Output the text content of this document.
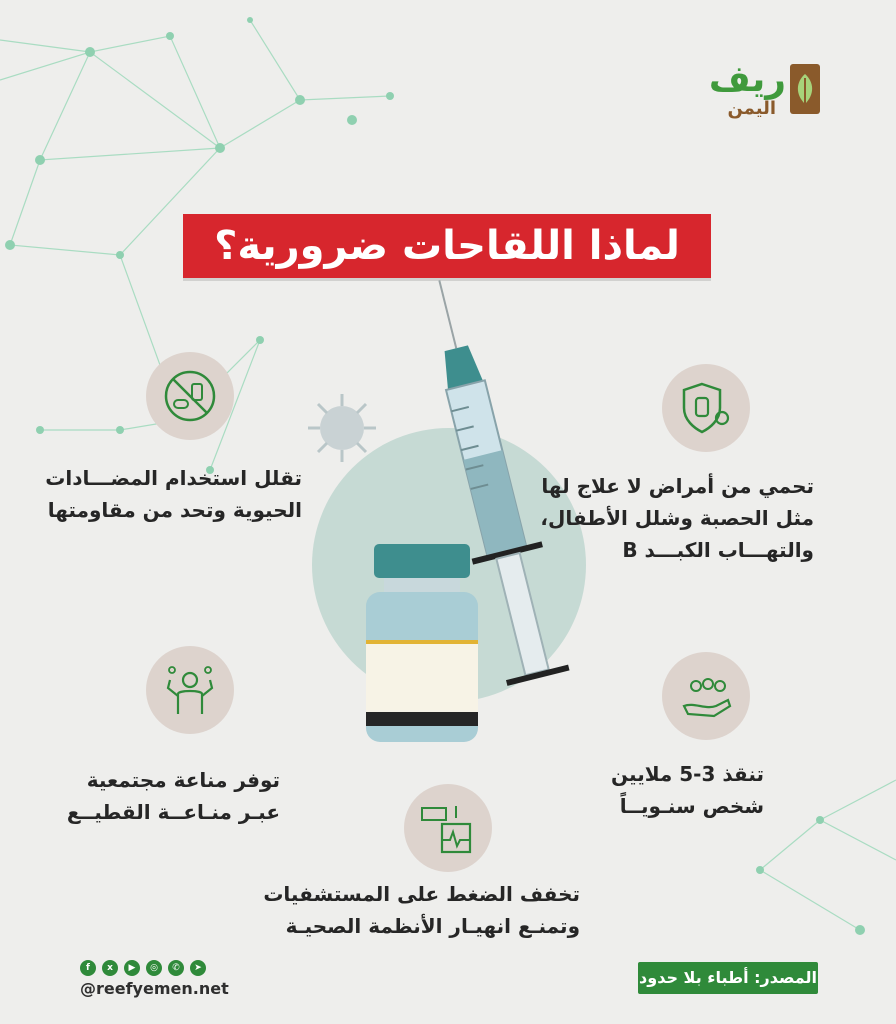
ريف
اليمن
لماذا اللقاحات ضرورية؟
تحمي من أمراض لا علاج لها
مثل الحصبة وشلل الأطفال،
والتهـــاب الكبـــد B
تقلل استخدام المضـــادات
الحيوية وتحد من مقاومتها
تنقذ 3-5 ملايين
شخص سنـويــاً
توفر مناعة مجتمعية
عبـر منـاعــة القطيــع
تخفف الضغط على المستشفيات
وتمنـع انهيـار الأنظمة الصحيـة
f	x	▶	◎	✆	➤
@reefyemen.net
المصدر: أطباء بلا حدود
